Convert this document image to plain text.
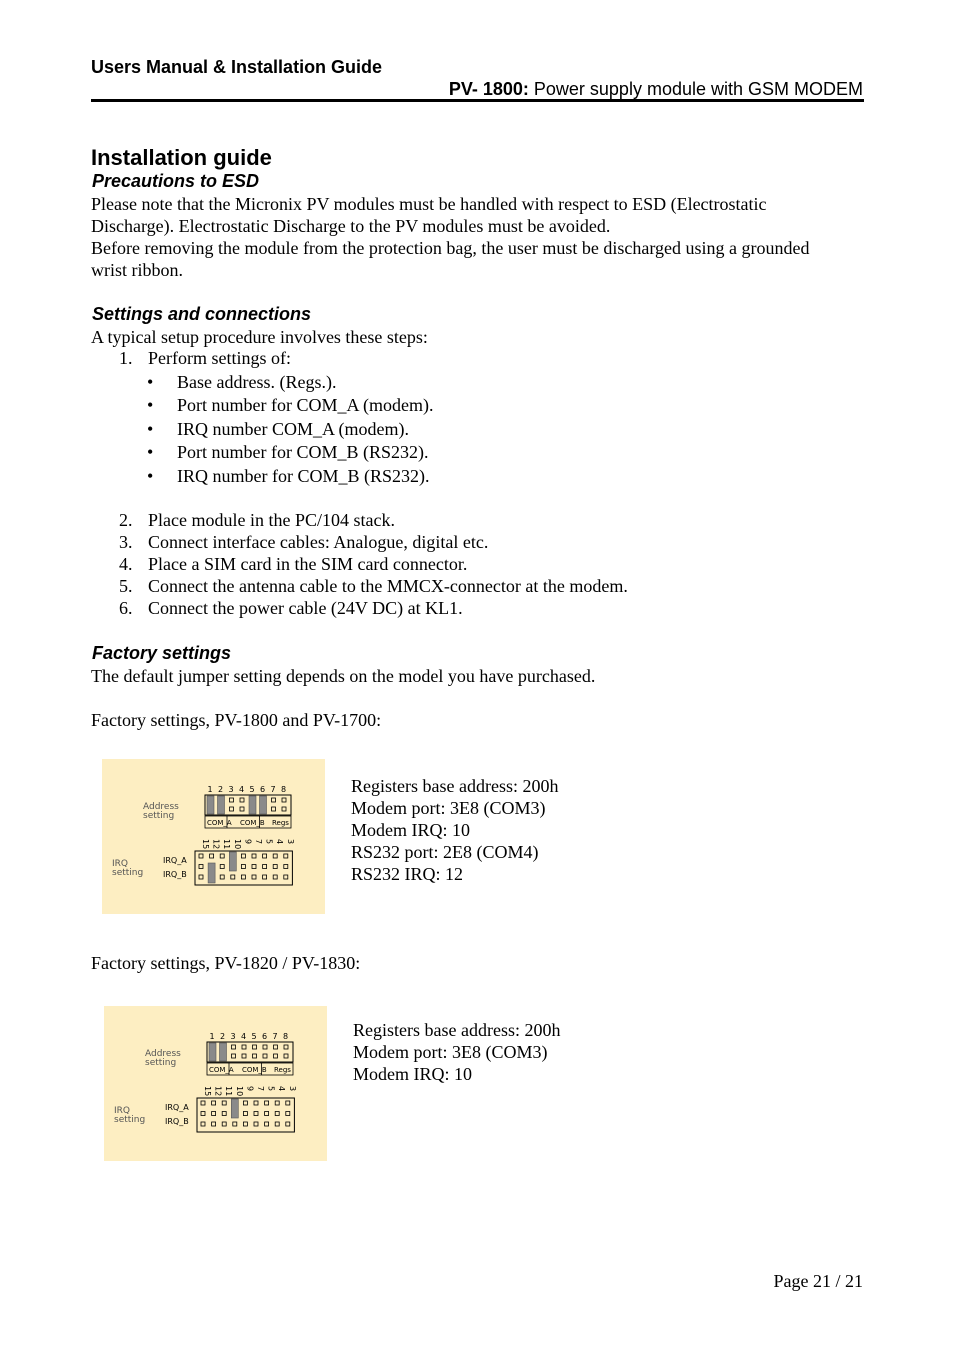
Users Manual & Installation Guide
PV- 1800: Power supply module with GSM MODEM
Installation guide
Precautions to ESD
Please note that the Micronix PV modules must be handled with respect to ESD (Electrostatic
Discharge). Electrostatic Discharge to the PV modules must be avoided.
Before removing the module from the protection bag, the user must be discharged using a grounded
wrist ribbon.
Settings and connections
A typical setup procedure involves these steps:
1. Perform settings of:
• Base address. (Regs.).
• Port number for COM_A (modem).
• IRQ number COM_A (modem).
• Port number for COM_B (RS232).
• IRQ number for COM_B (RS232).
2. Place module in the PC/104 stack.
3. Connect interface cables: Analogue, digital etc.
4. Place a SIM card in the SIM card connector.
5. Connect the antenna cable to the MMCX-connector at the modem.
6. Connect the power cable (24V DC) at KL1.
Factory settings
The default jumper setting depends on the model you have purchased.
Factory settings, PV-1800 and PV-1700:
Address
setting
IRQ
setting
IRQ_A
IRQ_B
1 2 3 4 5 6 7 8
COM_A COM_B Regs
15 12 11 10 9 7 5 4 3
Registers base address: 200h
Modem port: 3E8 (COM3)
Modem IRQ: 10
RS232 port: 2E8 (COM4)
RS232 IRQ: 12
Factory settings, PV-1820 / PV-1830:
Address
setting
IRQ
setting
IRQ_A
IRQ_B
1 2 3 4 5 6 7 8
COM_A COM_B Regs
15 12 11 10 9 7 5 4 3
Registers base address: 200h
Modem port: 3E8 (COM3)
Modem IRQ: 10
Page 21 / 21
